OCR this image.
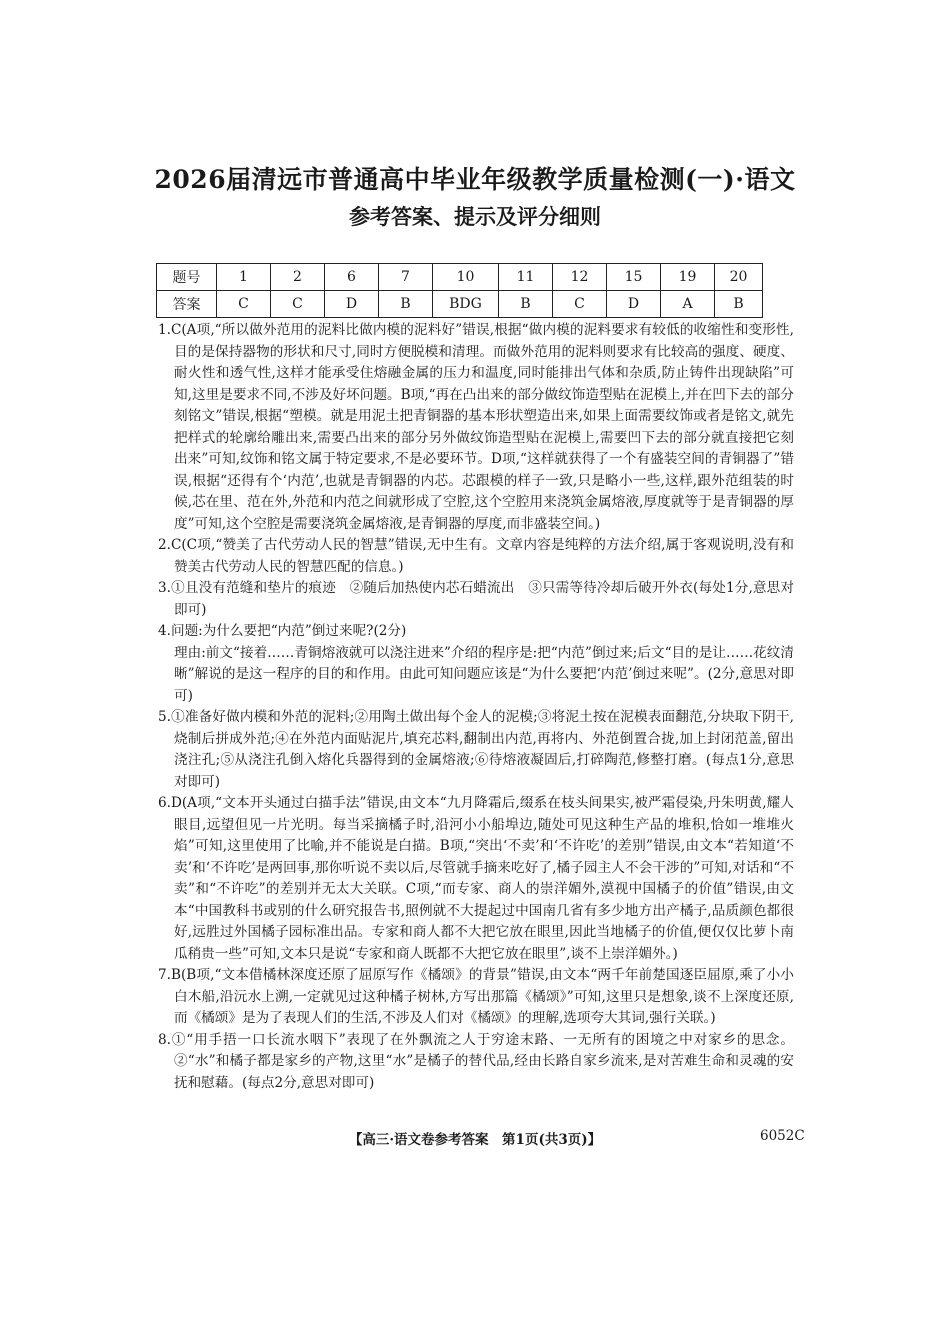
2026届清远市普通高中毕业年级教学质量检测(一)·语文
参考答案、提示及评分细则
题号	1	2	6	7	10	11	12	15	19	20
答案	C	C	D	B	BDG	B	C	D	A	B

1.C(A项,“所以做外范用的泥料比做内模的泥料好”错误,根据“做内模的泥料要求有较低的收缩性和变形性,目的是保持器物的形状和尺寸,同时方便脱模和清理。而做外范用的泥料则要求有比较高的强度、硬度、耐火性和透气性,这样才能承受住熔融金属的压力和温度,同时能排出气体和杂质,防止铸件出现缺陷”可知,这里是要求不同,不涉及好坏问题。B项,“再在凸出来的部分做纹饰造型贴在泥模上,并在凹下去的部分刻铭文”错误,根据“塑模。就是用泥土把青铜器的基本形状塑造出来,如果上面需要纹饰或者是铭文,就先把样式的轮廓给雕出来,需要凸出来的部分另外做纹饰造型贴在泥模上,需要凹下去的部分就直接把它刻出来”可知,纹饰和铭文属于特定要求,不是必要环节。D项,“这样就获得了一个有盛装空间的青铜器了”错误,根据“还得有个‘内范’,也就是青铜器的内芯。芯跟模的样子一致,只是略小一些,这样,跟外范组装的时候,芯在里、范在外,外范和内范之间就形成了空腔,这个空腔用来浇筑金属熔液,厚度就等于是青铜器的厚度”可知,这个空腔是需要浇筑金属熔液,是青铜器的厚度,而非盛装空间。)

2.C(C项,“赞美了古代劳动人民的智慧”错误,无中生有。文章内容是纯粹的方法介绍,属于客观说明,没有和赞美古代劳动人民的智慧匹配的信息。)

3.①且没有范缝和垫片的痕迹　②随后加热使内芯石蜡流出　③只需等待冷却后破开外衣(每处1分,意思对即可)

4.问题:为什么要把“内范”倒过来呢?(2分)

理由:前文“接着……青铜熔液就可以浇注进来”介绍的程序是:把“内范”倒过来;后文“目的是让……花纹清晰”解说的是这一程序的目的和作用。由此可知问题应该是“为什么要把‘内范’倒过来呢”。(2分,意思对即可)

5.①准备好做内模和外范的泥料;②用陶土做出每个金人的泥模;③将泥土按在泥模表面翻范,分块取下阴干,烧制后拼成外范;④在外范内面贴泥片,填充芯料,翻制出内范,再将内、外范倒置合拢,加上封闭范盖,留出浇注孔;⑤从浇注孔倒入熔化兵器得到的金属熔液;⑥待熔液凝固后,打碎陶范,修整打磨。(每点1分,意思对即可)

6.D(A项,“文本开头通过白描手法”错误,由文本“九月降霜后,缀系在枝头间果实,被严霜侵染,丹朱明黄,耀人眼目,远望但见一片光明。每当采摘橘子时,沿河小小船埠边,随处可见这种生产品的堆积,恰如一堆堆火焰”可知,这里使用了比喻,并不能说是白描。B项,“突出‘不卖’和‘不许吃’的差别”错误,由文本“若知道‘不卖’和‘不许吃’是两回事,那你听说不卖以后,尽管就手摘来吃好了,橘子园主人不会干涉的”可知,对话和“不卖”和“不许吃”的差别并无太大关联。C项,“而专家、商人的崇洋媚外,漠视中国橘子的价值”错误,由文本“中国教科书或别的什么研究报告书,照例就不大提起过中国南几省有多少地方出产橘子,品质颜色都很好,远胜过外国橘子园标准出品。专家和商人都不大把它放在眼里,因此当地橘子的价值,便仅仅比萝卜南瓜稍贵一些”可知,文本只是说“专家和商人既都不大把它放在眼里”,谈不上崇洋媚外。)

7.B(B项,“文本借橘林深度还原了屈原写作《橘颂》的背景”错误,由文本“两千年前楚国逐臣屈原,乘了小小白木船,沿沅水上溯,一定就见过这种橘子树林,方写出那篇《橘颂》”可知,这里只是想象,谈不上深度还原,而《橘颂》是为了表现人们的生活,不涉及人们对《橘颂》的理解,选项夸大其词,强行关联。)

8.①“用手捂一口长流水咽下”表现了在外飘流之人于穷途末路、一无所有的困境之中对家乡的思念。②“水”和橘子都是家乡的产物,这里“水”是橘子的替代品,经由长路自家乡流来,是对苦难生命和灵魂的安抚和慰藉。(每点2分,意思对即可)

【高三·语文卷参考答案　第1页(共3页)】	6052C
